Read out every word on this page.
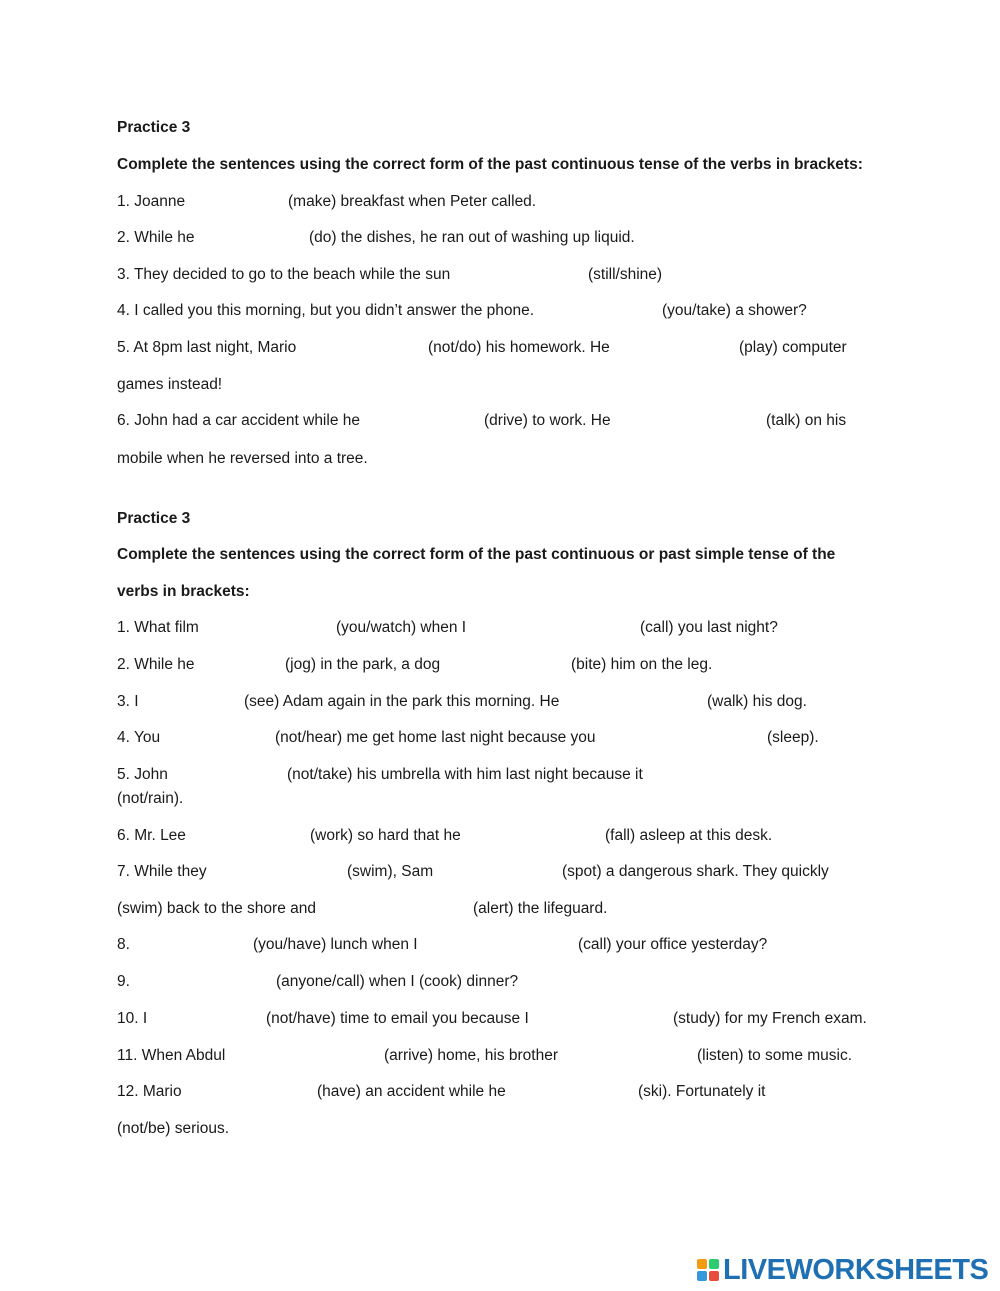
Practice 3
Complete the sentences using the correct form of the past continuous tense of the verbs in brackets:
1. Joanne	(make) breakfast when Peter called.
2. While he	(do) the dishes, he ran out of washing up liquid.
3. They decided to go to the beach while the sun	(still/shine)
4. I called you this morning, but you didn’t answer the phone.	(you/take) a shower?
5. At 8pm last night, Mario	(not/do) his homework. He	(play) computer
games instead!
6. John had a car accident while he	(drive) to work. He	(talk) on his
mobile when he reversed into a tree.
Practice 3
Complete the sentences using the correct form of the past continuous or past simple tense of the
verbs in brackets:
1. What film	(you/watch) when I	(call) you last night?
2. While he	(jog) in the park, a dog	(bite) him on the leg.
3. I	(see) Adam again in the park this morning. He	(walk) his dog.
4. You	(not/hear) me get home last night because you	(sleep).
5. John	(not/take) his umbrella with him last night because it
(not/rain).
6. Mr. Lee	(work) so hard that he	(fall) asleep at this desk.
7. While they	(swim), Sam	(spot) a dangerous shark. They quickly
(swim) back to the shore and	(alert) the lifeguard.
8.	(you/have) lunch when I	(call) your office yesterday?
9.	(anyone/call) when I (cook) dinner?
10. I	(not/have) time to email you because I	(study) for my French exam.
11. When Abdul	(arrive) home, his brother	(listen) to some music.
12. Mario	(have) an accident while he	(ski). Fortunately it
(not/be) serious.
LIVEWORKSHEETS
